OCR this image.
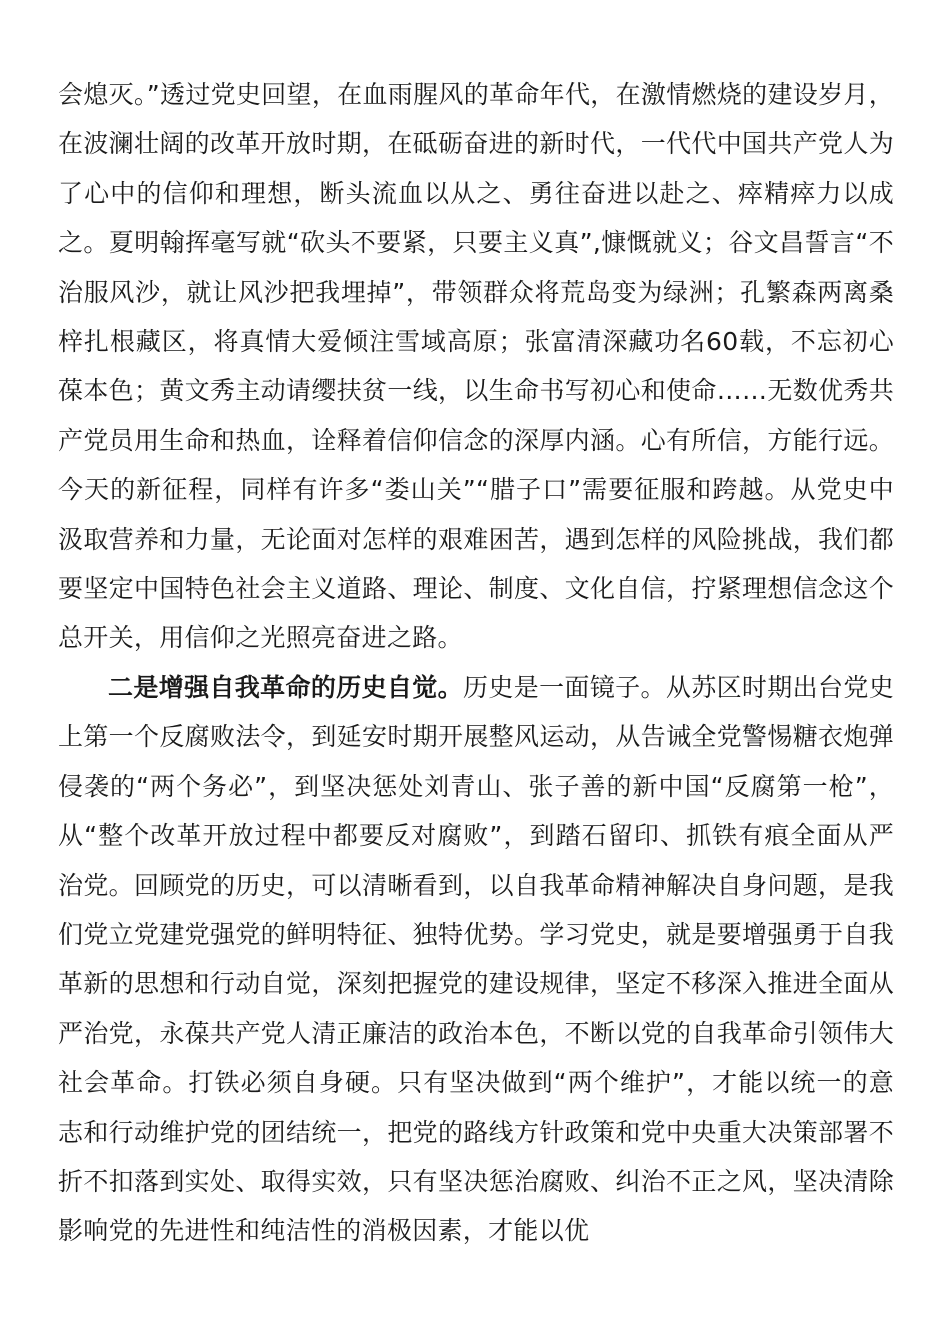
会熄灭。”透过党史回望，在血雨腥风的革命年代，在激情燃烧的建设岁月，在波澜壮阔的改革开放时期，在砥砺奋进的新时代，一代代中国共产党人为了心中的信仰和理想，断头流血以从之、勇往奋进以赴之、瘁精瘁力以成之。夏明翰挥毫写就“砍头不要紧，只要主义真”,慷慨就义；谷文昌誓言“不治服风沙，就让风沙把我埋掉”，带领群众将荒岛变为绿洲；孔繁森两离桑梓扎根藏区，将真情大爱倾注雪域高原；张富清深藏功名60载，不忘初心葆本色；黄文秀主动请缨扶贫一线，以生命书写初心和使命……无数优秀共产党员用生命和热血，诠释着信仰信念的深厚内涵。心有所信，方能行远。今天的新征程，同样有许多“娄山关”“腊子口”需要征服和跨越。从党史中汲取营养和力量，无论面对怎样的艰难困苦，遇到怎样的风险挑战，我们都要坚定中国特色社会主义道路、理论、制度、文化自信，拧紧理想信念这个总开关，用信仰之光照亮奋进之路。

二是增强自我革命的历史自觉。历史是一面镜子。从苏区时期出台党史上第一个反腐败法令，到延安时期开展整风运动，从告诫全党警惕糖衣炮弹侵袭的“两个务必”，到坚决惩处刘青山、张子善的新中国“反腐第一枪”，从“整个改革开放过程中都要反对腐败”，到踏石留印、抓铁有痕全面从严治党。回顾党的历史，可以清晰看到，以自我革命精神解决自身问题，是我们党立党建党强党的鲜明特征、独特优势。学习党史，就是要增强勇于自我革新的思想和行动自觉，深刻把握党的建设规律，坚定不移深入推进全面从严治党，永葆共产党人清正廉洁的政治本色，不断以党的自我革命引领伟大社会革命。打铁必须自身硬。只有坚决做到“两个维护”，才能以统一的意志和行动维护党的团结统一，把党的路线方针政策和党中央重大决策部署不折不扣落到实处、取得实效，只有坚决惩治腐败、纠治不正之风，坚决清除影响党的先进性和纯洁性的消极因素，才能以优
